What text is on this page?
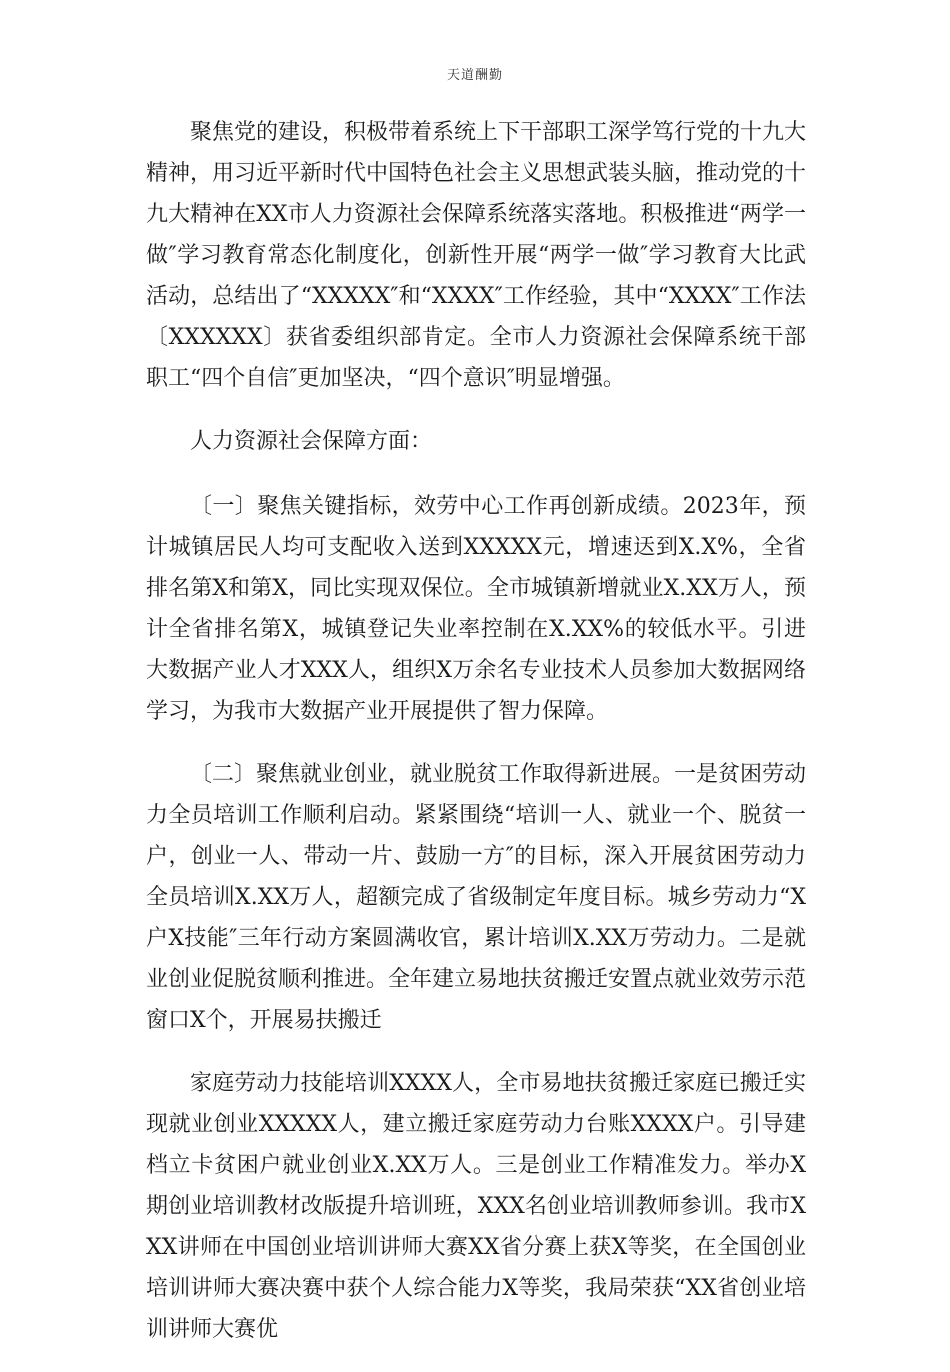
天道酬勤

聚焦党的建设，积极带着系统上下干部职工深学笃行党的十九大精神，用习近平新时代中国特色社会主义思想武装头脑，推动党的十九大精神在XX市人力资源社会保障系统落实落地。积极推进“两学一做″学习教育常态化制度化，创新性开展“两学一做″学习教育大比武活动，总结出了“XXXXX″和“XXXX″工作经验，其中“XXXX″工作法〔XXXXXX〕获省委组织部肯定。全市人力资源社会保障系统干部职工“四个自信″更加坚决，“四个意识″明显增强。

人力资源社会保障方面：

〔一〕聚焦关键指标，效劳中心工作再创新成绩。2023年，预计城镇居民人均可支配收入送到XXXXX元，增速迗到X.X%，全省排名第X和第X，同比实现双保位。全市城镇新增就业X.XX万人，预计全省排名第X，城镇登记失业率控制在X.XX%的较低水平。引进大数据产业人才XXX人，组织X万余名专业技术人员参加大数据网络学习，为我市大数据产业开展提供了智力保障。

〔二〕聚焦就业创业，就业脱贫工作取得新进展。一是贫困劳动力全员培训工作顺利启动。紧紧围绕“培训一人、就业一个、脱贫一户，创业一人、带动一片、鼓励一方″的目标，深入开展贫困劳动力全员培训X.XX万人，超额完成了省级制定年度目标。城乡劳动力“X户X技能″三年行动方案圆满收官，累计培训X.XX万劳动力。二是就业创业促脱贫顺利推进。全年建立易地扶贫搬迁安置点就业效劳示范窗口X个，开展易扶搬迁

家庭劳动力技能培训XXXX人，全市易地扶贫搬迁家庭已搬迁实现就业创业XXXXX人，建立搬迁家庭劳动力台账XXXX户。引导建档立卡贫困户就业创业X.XX万人。三是创业工作精准发力。举办X期创业培训教材改版提升培训班，XXX名创业培训教师参训。我市XXX讲师在中国创业培训讲师大赛XX省分赛上获X等奖，在全国创业培训讲师大赛决赛中获个人综合能力X等奖，我局荣获“XX省创业培训讲师大赛优
